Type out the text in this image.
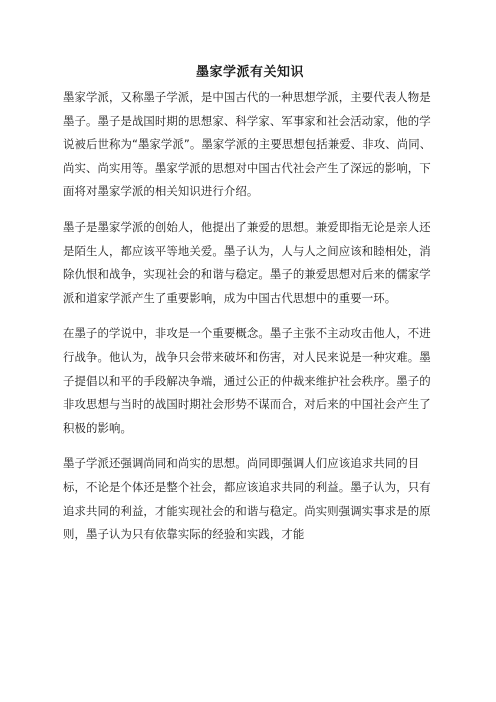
墨家学派有关知识

墨家学派，又称墨子学派，是中国古代的一种思想学派，主要代表人物是墨子。墨子是战国时期的思想家、科学家、军事家和社会活动家，他的学说被后世称为“墨家学派”。墨家学派的主要思想包括兼爱、非攻、尚同、尚实、尚实用等。墨家学派的思想对中国古代社会产生了深远的影响，下面将对墨家学派的相关知识进行介绍。

墨子是墨家学派的创始人，他提出了兼爱的思想。兼爱即指无论是亲人还是陌生人，都应该平等地关爱。墨子认为，人与人之间应该和睦相处，消除仇恨和战争，实现社会的和谐与稳定。墨子的兼爱思想对后来的儒家学派和道家学派产生了重要影响，成为中国古代思想中的重要一环。

在墨子的学说中，非攻是一个重要概念。墨子主张不主动攻击他人，不进行战争。他认为，战争只会带来破坏和伤害，对人民来说是一种灾难。墨子提倡以和平的手段解决争端，通过公正的仲裁来维护社会秩序。墨子的非攻思想与当时的战国时期社会形势不谋而合，对后来的中国社会产生了积极的影响。

墨子学派还强调尚同和尚实的思想。尚同即强调人们应该追求共同的目标，不论是个体还是整个社会，都应该追求共同的利益。墨子认为，只有追求共同的利益，才能实现社会的和谐与稳定。尚实则强调实事求是的原则，墨子认为只有依靠实际的经验和实践，才能
